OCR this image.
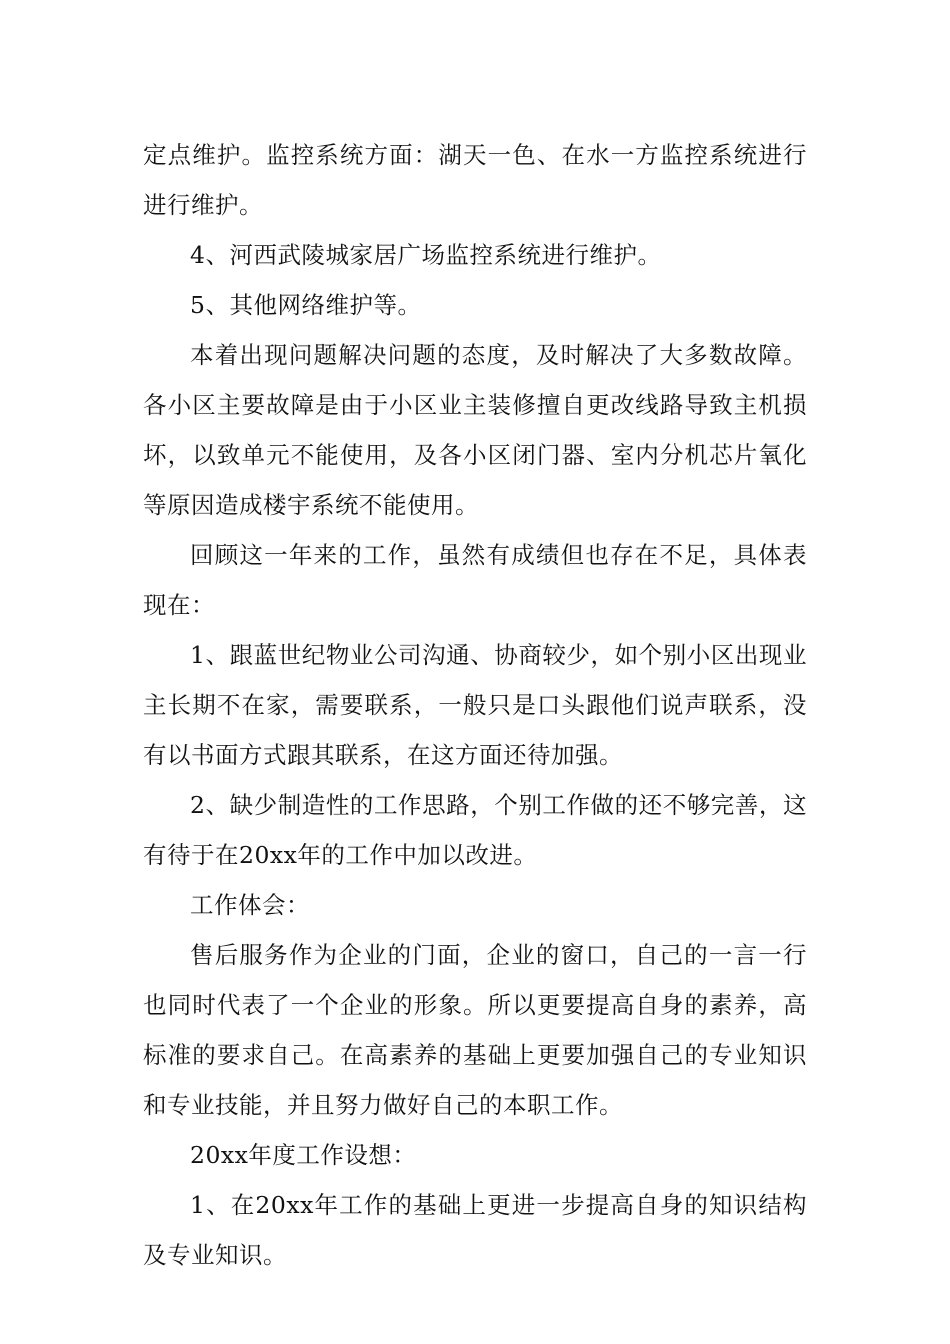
定点维护。监控系统方面：湖天一色、在水一方监控系统进行进行维护。

4、河西武陵城家居广场监控系统进行维护。

5、其他网络维护等。

本着出现问题解决问题的态度，及时解决了大多数故障。各小区主要故障是由于小区业主装修擅自更改线路导致主机损坏，以致单元不能使用，及各小区闭门器、室内分机芯片氧化等原因造成楼宇系统不能使用。

回顾这一年来的工作，虽然有成绩但也存在不足，具体表现在：

1、跟蓝世纪物业公司沟通、协商较少，如个别小区出现业主长期不在家，需要联系，一般只是口头跟他们说声联系，没有以书面方式跟其联系，在这方面还待加强。

2、缺少制造性的工作思路，个别工作做的还不够完善，这有待于在20xx年的工作中加以改进。

工作体会：

售后服务作为企业的门面，企业的窗口，自己的一言一行也同时代表了一个企业的形象。所以更要提高自身的素养，高标准的要求自己。在高素养的基础上更要加强自己的专业知识和专业技能，并且努力做好自己的本职工作。

20xx年度工作设想：

1、在20xx年工作的基础上更进一步提高自身的知识结构及专业知识。
